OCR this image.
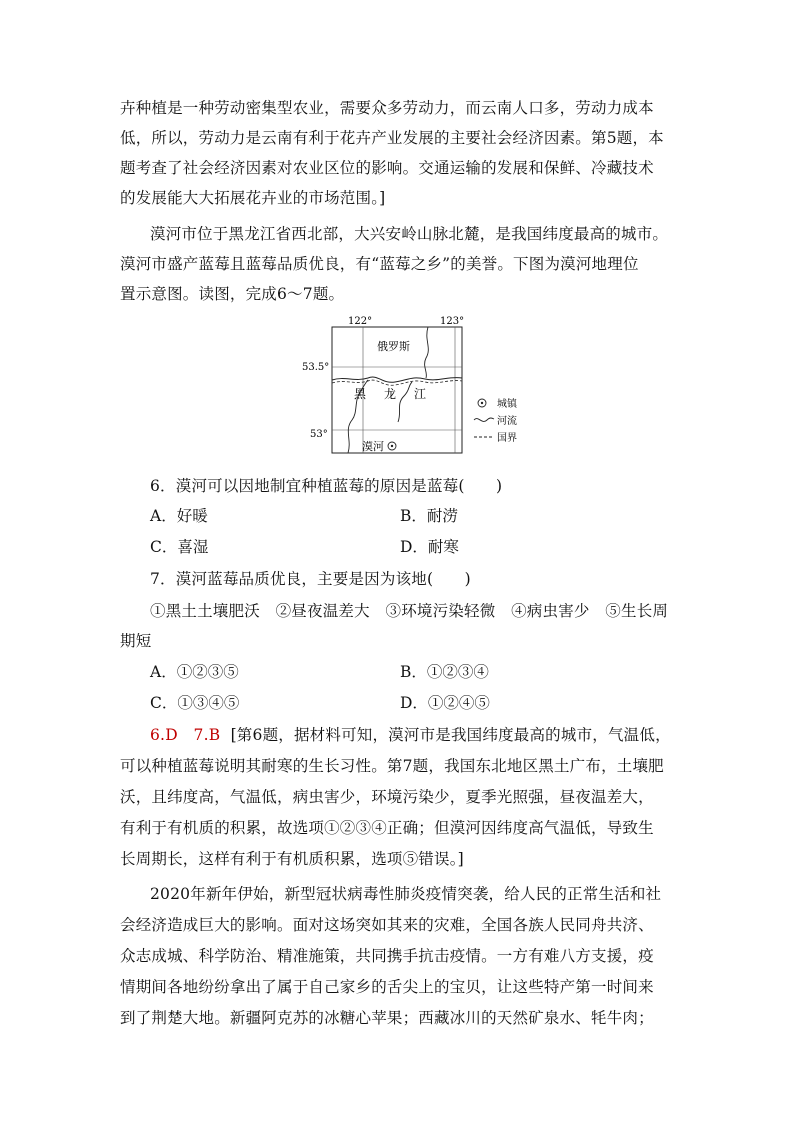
卉种植是一种劳动密集型农业，需要众多劳动力，而云南人口多，劳动力成本
低，所以，劳动力是云南有利于花卉产业发展的主要社会经济因素。第5题，本
题考查了社会经济因素对农业区位的影响。交通运输的发展和保鲜、冷藏技术
的发展能大大拓展花卉业的市场范围。]
漠河市位于黑龙江省西北部，大兴安岭山脉北麓，是我国纬度最高的城市。
漠河市盛产蓝莓且蓝莓品质优良，有“蓝莓之乡”的美誉。下图为漠河地理位
置示意图。读图，完成6～7题。
122°	123°
53.5°
53°
俄罗斯
黑 龙 江
漠河
城镇
河流
国界
6．漠河可以因地制宜种植蓝莓的原因是蓝莓(　　)
A．好暖	B．耐涝
C．喜湿	D．耐寒
7．漠河蓝莓品质优良，主要是因为该地(　　)
①黑土土壤肥沃　②昼夜温差大　③环境污染轻微　④病虫害少　⑤生长周
期短
A．①②③⑤	B．①②③④
C．①③④⑤	D．①②④⑤
6.D　7.B [第6题，据材料可知，漠河市是我国纬度最高的城市，气温低，
可以种植蓝莓说明其耐寒的生长习性。第7题，我国东北地区黑土广布，土壤肥
沃，且纬度高，气温低，病虫害少，环境污染少，夏季光照强，昼夜温差大，
有利于有机质的积累，故选项①②③④正确；但漠河因纬度高气温低，导致生
长周期长，这样有利于有机质积累，选项⑤错误。]
2020年新年伊始，新型冠状病毒性肺炎疫情突袭，给人民的正常生活和社
会经济造成巨大的影响。面对这场突如其来的灾难，全国各族人民同舟共济、
众志成城、科学防治、精准施策，共同携手抗击疫情。一方有难八方支援，疫
情期间各地纷纷拿出了属于自己家乡的舌尖上的宝贝，让这些特产第一时间来
到了荆楚大地。新疆阿克苏的冰糖心苹果；西藏冰川的天然矿泉水、牦牛肉；
